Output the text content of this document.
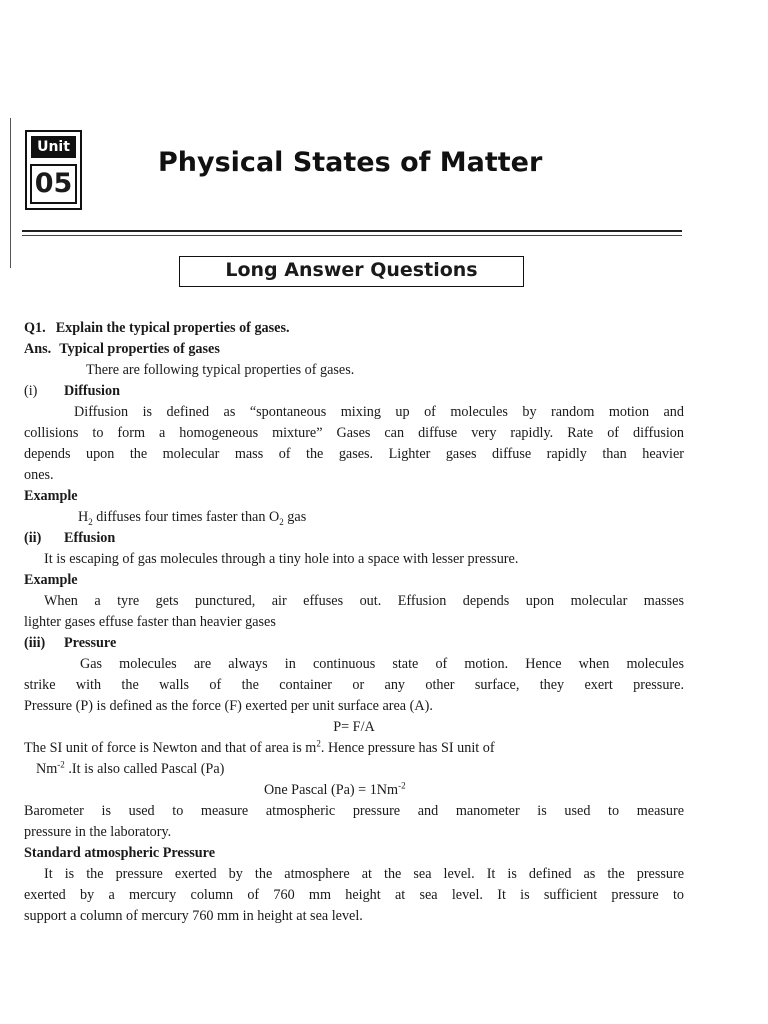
Unit
05
Physical States of Matter
Long Answer Questions
Q1. Explain the typical properties of gases.
Ans. Typical properties of gases
There are following typical properties of gases.
(i) Diffusion
Diffusion is defined as “spontaneous mixing up of molecules by random motion and
collisions to form a homogeneous mixture” Gases can diffuse very rapidly. Rate of diffusion
depends upon the molecular mass of the gases. Lighter gases diffuse rapidly than heavier
ones.
Example
$H_2$ diffuses four times faster than $O_2$ gas
(ii) Effusion
It is escaping of gas molecules through a tiny hole into a space with lesser pressure.
Example
When a tyre gets punctured, air effuses out. Effusion depends upon molecular masses
lighter gases effuse faster than heavier gases
(iii) Pressure
Gas molecules are always in continuous state of motion. Hence when molecules
strike with the walls of the container or any other surface, they exert pressure.
Pressure (P) is defined as the force (F) exerted per unit surface area (A).
P= F/A
The SI unit of force is Newton and that of area is $m^2$. Hence pressure has SI unit of
$Nm^{-2}$ .It is also called Pascal (Pa)
One Pascal $(Pa) = 1Nm^{-2}$
Barometer is used to measure atmospheric pressure and manometer is used to measure
pressure in the laboratory.
Standard atmospheric Pressure
It is the pressure exerted by the atmosphere at the sea level. It is defined as the pressure
exerted by a mercury column of 760 mm height at sea level. It is sufficient pressure to
support a column of mercury 760 mm in height at sea level.
